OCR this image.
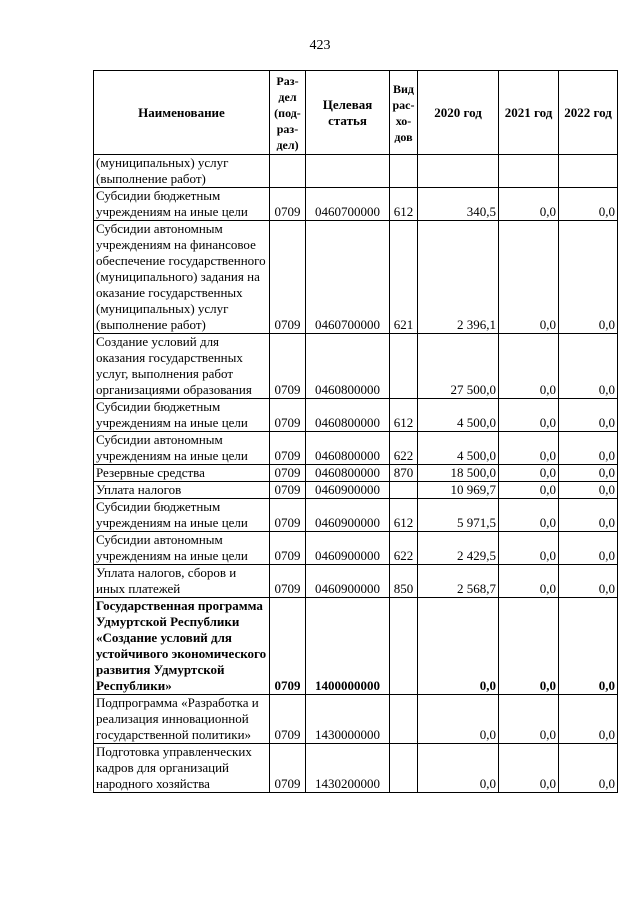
423
Наименование	Раз-дел (под-раз-дел)	Целевая статья	Вид рас-хо-дов	2020 год	2021 год	2022 год
(муниципальных) услуг (выполнение работ)						
Субсидии бюджетным учреждениям на иные цели	0709	0460700000	612	340,5	0,0	0,0
Субсидии автономным учреждениям на финансовое обеспечение государственного (муниципального) задания на оказание государственных (муниципальных) услуг (выполнение работ)	0709	0460700000	621	2 396,1	0,0	0,0
Создание условий для оказания государственных услуг, выполнения работ организациями образования	0709	0460800000		27 500,0	0,0	0,0
Субсидии бюджетным учреждениям на иные цели	0709	0460800000	612	4 500,0	0,0	0,0
Субсидии автономным учреждениям на иные цели	0709	0460800000	622	4 500,0	0,0	0,0
Резервные средства	0709	0460800000	870	18 500,0	0,0	0,0
Уплата налогов	0709	0460900000		10 969,7	0,0	0,0
Субсидии бюджетным учреждениям на иные цели	0709	0460900000	612	5 971,5	0,0	0,0
Субсидии автономным учреждениям на иные цели	0709	0460900000	622	2 429,5	0,0	0,0
Уплата налогов, сборов и иных платежей	0709	0460900000	850	2 568,7	0,0	0,0
Государственная программа Удмуртской Республики «Создание условий для устойчивого экономического развития Удмуртской Республики»	0709	1400000000		0,0	0,0	0,0
Подпрограмма «Разработка и реализация инновационной государственной политики»	0709	1430000000		0,0	0,0	0,0
Подготовка управленческих кадров для организаций народного хозяйства	0709	1430200000		0,0	0,0	0,0
